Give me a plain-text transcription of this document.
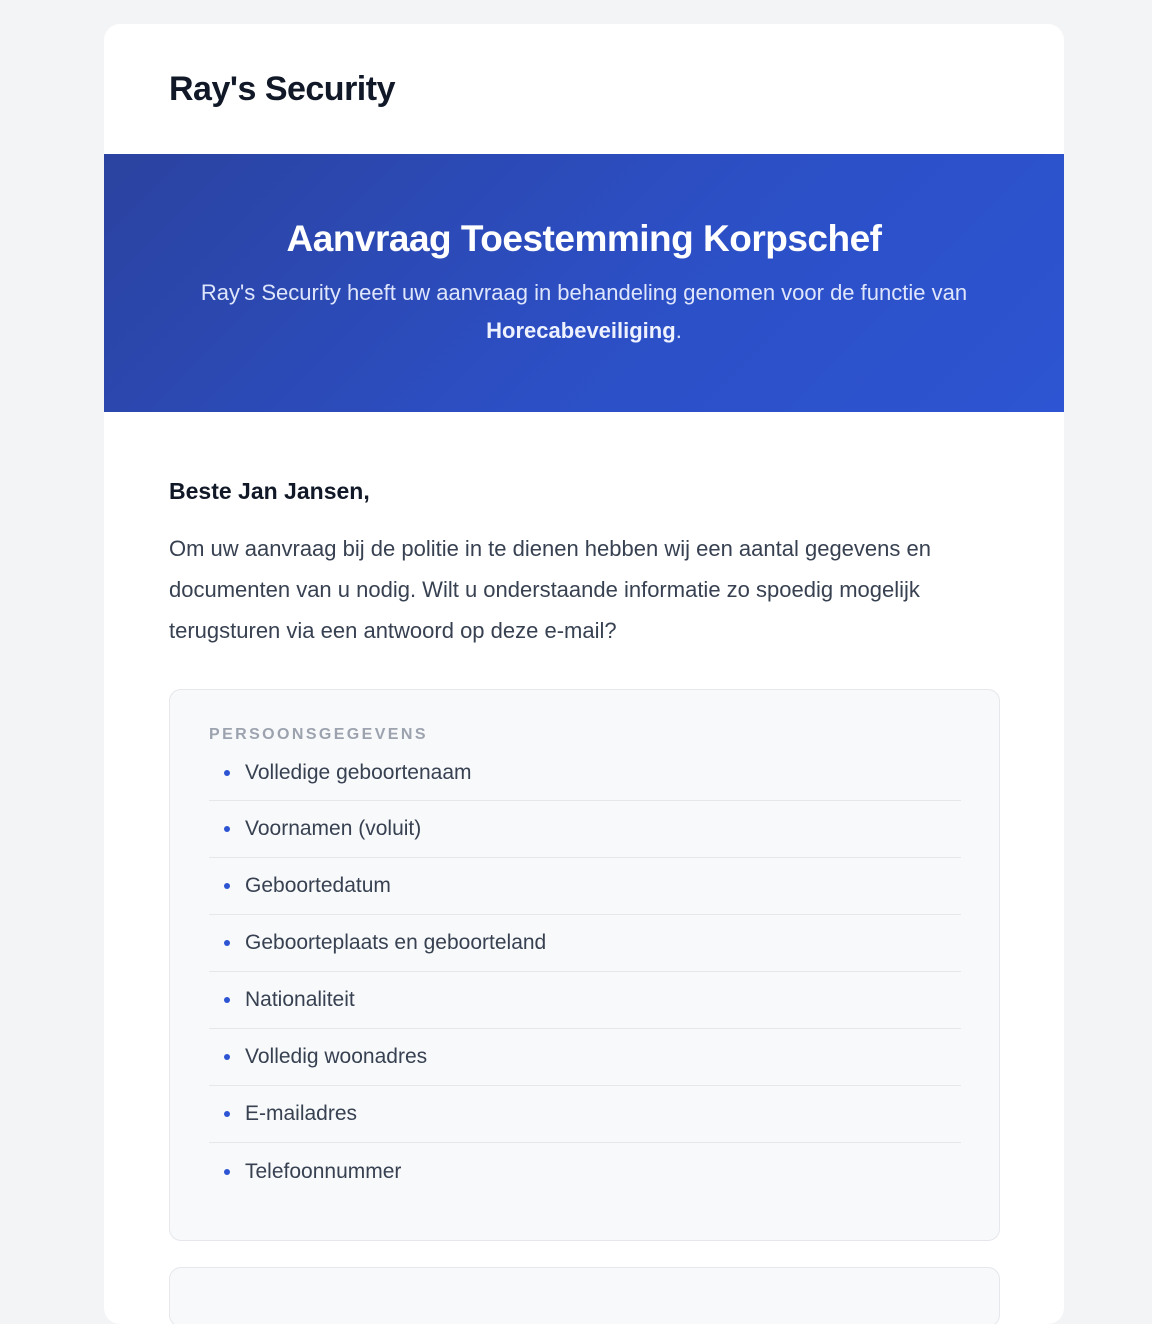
Ray's Security
Aanvraag Toestemming Korpschef

Ray's Security heeft uw aanvraag in behandeling genomen voor de functie van Horecabeveiliging.

Beste Jan Jansen,

Om uw aanvraag bij de politie in te dienen hebben wij een aantal gegevens en documenten van u nodig. Wilt u onderstaande informatie zo spoedig mogelijk terugsturen via een antwoord op deze e-mail?

PERSOONSGEGEVENS
Volledige geboortenaam
Voornamen (voluit)
Geboortedatum
Geboorteplaats en geboorteland
Nationaliteit
Volledig woonadres
E-mailadres
Telefoonnummer
